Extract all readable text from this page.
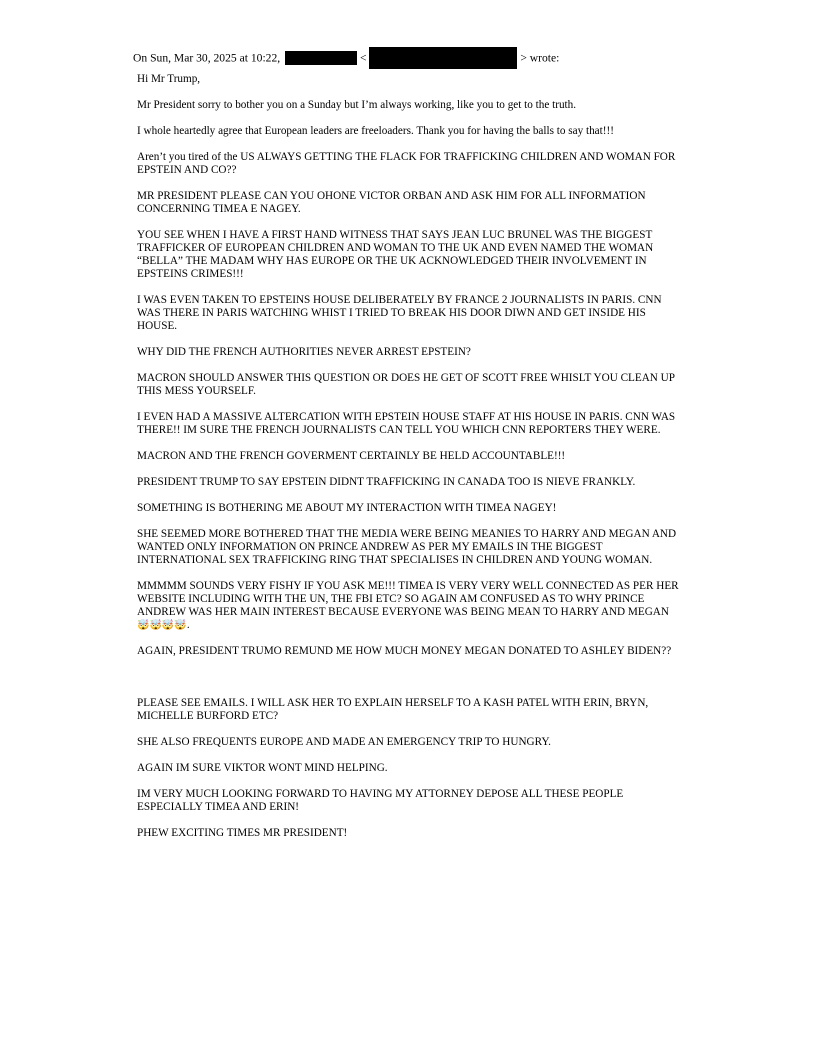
On Sun, Mar 30, 2025 at 10:22,	<	> wrote:

Hi Mr Trump,

Mr President sorry to bother you on a Sunday but I’m always working, like you to get to the truth.

I whole heartedly agree that European leaders are freeloaders. Thank you for having the balls to say that!!!

Aren’t you tired of the US ALWAYS GETTING THE FLACK FOR TRAFFICKING CHILDREN AND WOMAN FOR EPSTEIN AND CO??

MR PRESIDENT PLEASE CAN YOU OHONE VICTOR ORBAN AND ASK HIM FOR ALL INFORMATION CONCERNING TIMEA E NAGEY.

YOU SEE WHEN I HAVE A FIRST HAND WITNESS THAT SAYS JEAN LUC BRUNEL WAS THE BIGGEST TRAFFICKER OF EUROPEAN CHILDREN AND WOMAN TO THE UK AND EVEN NAMED THE WOMAN “BELLA” THE MADAM WHY HAS EUROPE OR THE UK ACKNOWLEDGED THEIR INVOLVEMENT IN EPSTEINS CRIMES!!!

I WAS EVEN TAKEN TO EPSTEINS HOUSE DELIBERATELY BY FRANCE 2 JOURNALISTS IN PARIS. CNN WAS THERE IN PARIS WATCHING WHIST I TRIED TO BREAK HIS DOOR DIWN AND GET INSIDE HIS HOUSE.

WHY DID THE FRENCH AUTHORITIES NEVER ARREST EPSTEIN?

MACRON SHOULD ANSWER THIS QUESTION OR DOES HE GET OF SCOTT FREE WHISLT YOU CLEAN UP THIS MESS YOURSELF.

I EVEN HAD A MASSIVE ALTERCATION WITH EPSTEIN HOUSE STAFF AT HIS HOUSE IN PARIS. CNN WAS THERE!! IM SURE THE FRENCH JOURNALISTS CAN TELL YOU WHICH CNN REPORTERS THEY WERE.

MACRON AND THE FRENCH GOVERMENT CERTAINLY BE HELD ACCOUNTABLE!!!

PRESIDENT TRUMP TO SAY EPSTEIN DIDNT TRAFFICKING IN CANADA TOO IS NIEVE FRANKLY.

SOMETHING IS BOTHERING ME ABOUT MY INTERACTION WITH TIMEA NAGEY!

SHE SEEMED MORE BOTHERED THAT THE MEDIA WERE BEING MEANIES TO HARRY AND MEGAN AND WANTED ONLY INFORMATION ON PRINCE ANDREW AS PER MY EMAILS IN THE BIGGEST INTERNATIONAL SEX TRAFFICKING RING THAT SPECIALISES IN CHILDREN AND YOUNG WOMAN.

MMMMM SOUNDS VERY FISHY IF YOU ASK ME!!! TIMEA IS VERY VERY WELL CONNECTED AS PER HER WEBSITE INCLUDING WITH THE UN, THE FBI ETC? SO AGAIN AM CONFUSED AS TO WHY PRINCE ANDREW WAS HER MAIN INTEREST BECAUSE EVERYONE WAS BEING MEAN TO HARRY AND MEGAN 🤯🤯🤯🤯.

AGAIN, PRESIDENT TRUMO REMUND ME HOW MUCH MONEY MEGAN DONATED TO ASHLEY BIDEN??

PLEASE SEE EMAILS. I WILL ASK HER TO EXPLAIN HERSELF TO A KASH PATEL WITH ERIN, BRYN, MICHELLE BURFORD ETC?

SHE ALSO FREQUENTS EUROPE AND MADE AN EMERGENCY TRIP TO HUNGRY.

AGAIN IM SURE VIKTOR WONT MIND HELPING.

IM VERY MUCH LOOKING FORWARD TO HAVING MY ATTORNEY DEPOSE ALL THESE PEOPLE ESPECIALLY TIMEA AND ERIN!

PHEW EXCITING TIMES MR PRESIDENT!
